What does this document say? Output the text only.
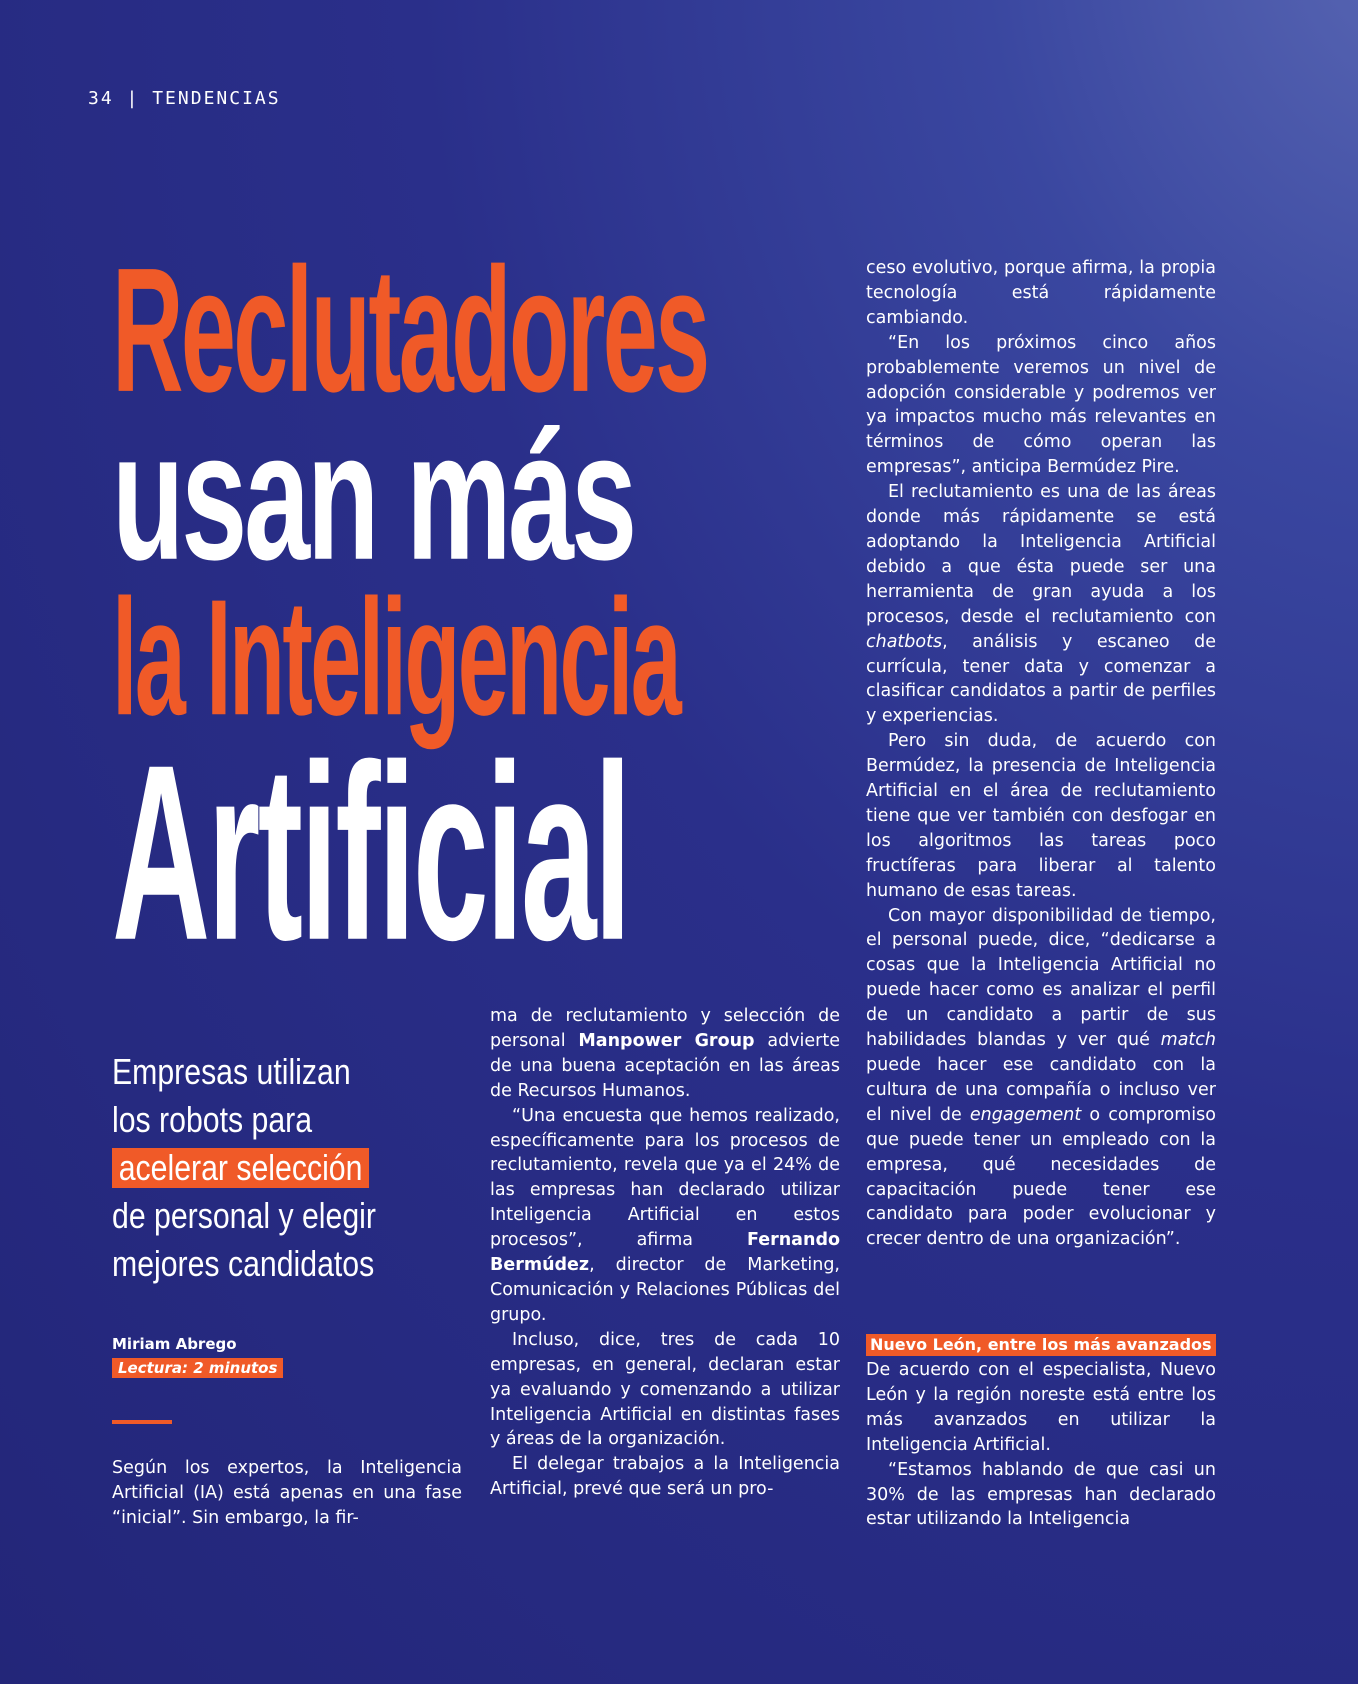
34 | TENDENCIAS
Reclutadores
usan más
la Inteligencia
Artificial
Empresas utilizan
los robots para
acelerar selección
de personal y elegir
mejores candidatos
Miriam Abrego
Lectura: 2 minutos

Según los expertos, la Inteligencia Artificial (IA) está apenas en una fase “inicial”. Sin embargo, la fir-

ma de reclutamiento y selección de personal Manpower Group advierte de una buena aceptación en las áreas de Recursos Humanos.

“Una encuesta que hemos realizado, específicamente para los procesos de reclutamiento, revela que ya el 24% de las empresas han declarado utilizar Inteligencia Artificial en estos procesos”, afirma Fernando Bermúdez, director de Marketing, Comunicación y Relaciones Públicas del grupo.

Incluso, dice, tres de cada 10 empresas, en general, declaran estar ya evaluando y comenzando a utilizar Inteligencia Artificial en distintas fases y áreas de la organización.

El delegar trabajos a la Inteligencia Artificial, prevé que será un pro-

ceso evolutivo, porque afirma, la propia tecnología está rápidamente cambiando.

“En los próximos cinco años probablemente veremos un nivel de adopción considerable y podremos ver ya impactos mucho más relevantes en términos de cómo operan las empresas”, anticipa Bermúdez Pire.

El reclutamiento es una de las áreas donde más rápidamente se está adoptando la Inteligencia Artificial debido a que ésta puede ser una herramienta de gran ayuda a los procesos, desde el reclutamiento con chatbots, análisis y escaneo de currícula, tener data y comenzar a clasificar candidatos a partir de perfiles y experiencias.

Pero sin duda, de acuerdo con Bermúdez, la presencia de Inteligencia Artificial en el área de reclutamiento tiene que ver también con desfogar en los algoritmos las tareas poco fructíferas para liberar al talento humano de esas tareas.

Con mayor disponibilidad de tiempo, el personal puede, dice, “dedicarse a cosas que la Inteligencia Artificial no puede hacer como es analizar el perfil de un candidato a partir de sus habilidades blandas y ver qué match puede hacer ese candidato con la cultura de una compañía o incluso ver el nivel de engagement o compromiso que puede tener un empleado con la empresa, qué necesidades de capacitación puede tener ese candidato para poder evolucionar y crecer dentro de una organización”.

Nuevo León, entre los más avanzados

De acuerdo con el especialista, Nuevo León y la región noreste está entre los más avanzados en utilizar la Inteligencia Artificial.

“Estamos hablando de que casi un 30% de las empresas han declarado estar utilizando la Inteligencia
